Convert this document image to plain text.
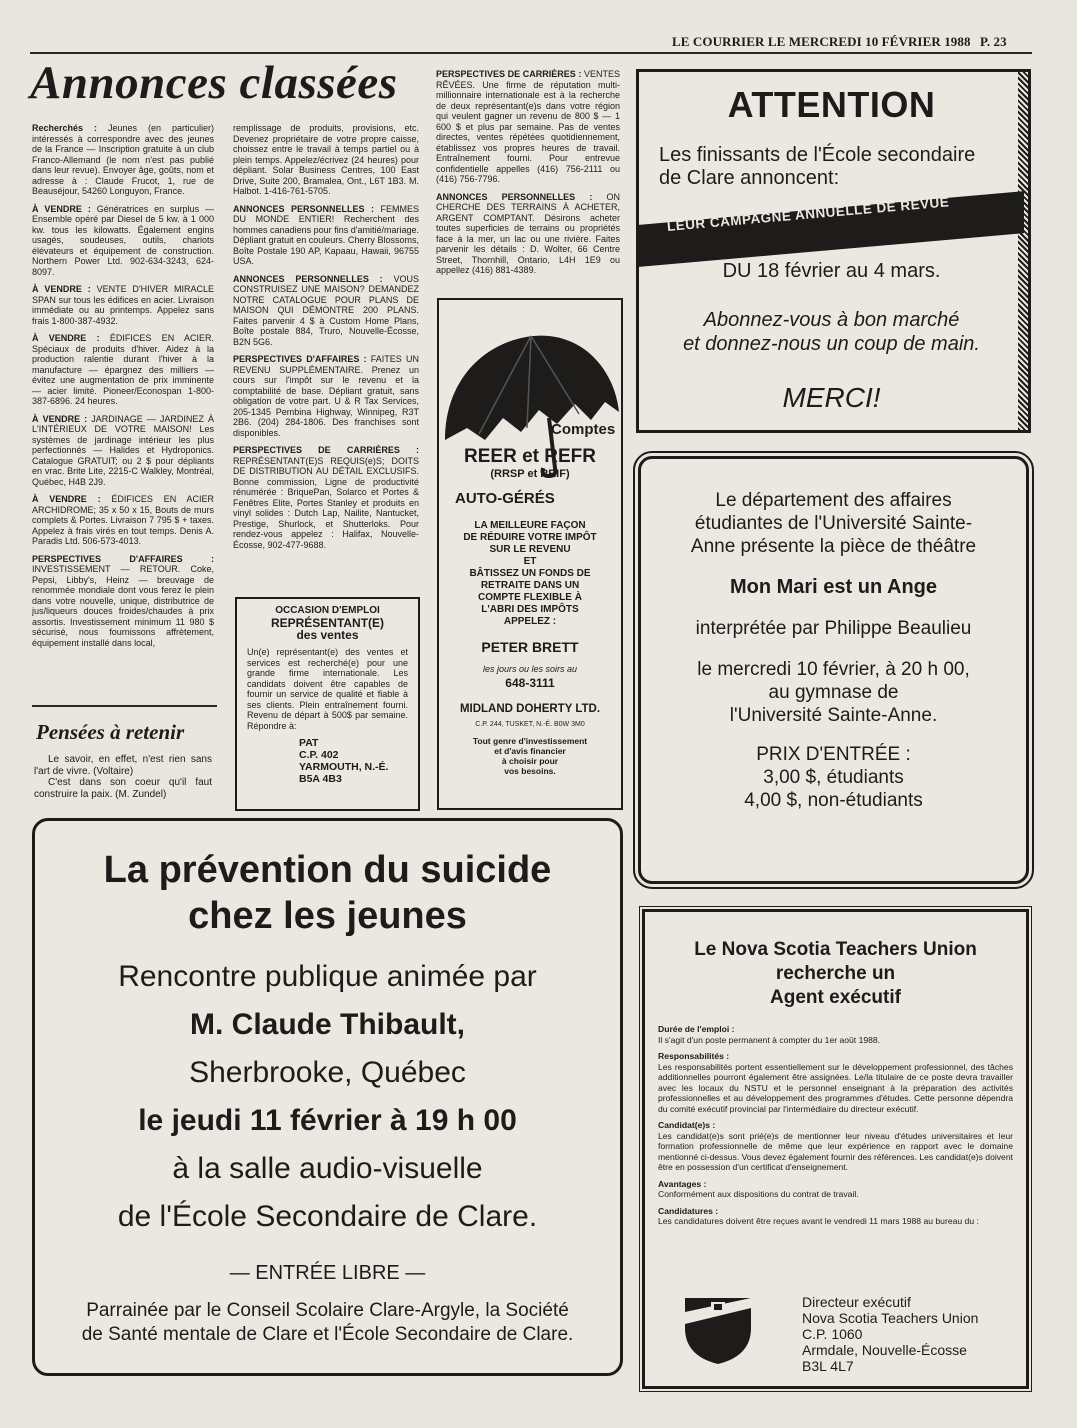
LE COURRIER LE MERCREDI 10 FÉVRIER 1988 P. 23
Annonces classées

Recherchés : Jeunes (en particulier) intéressés à correspondre avec des jeunes de la France — Inscription gratuite à un club Franco-Allemand (le nom n'est pas publié dans leur revue). Envoyer âge, goûts, nom et adresse à : Claude Frucot, 1, rue de Beauséjour, 54260 Longuyon, France.

À VENDRE : Génératrices en surplus — Ensemble opéré par Diesel de 5 kw. à 1 000 kw. tous les kilowatts. Également engins usagés, soudeuses, outils, chariots élévateurs et équipement de construction. Northern Power Ltd. 902-634-3243, 624-8097.

À VENDRE : VENTE D'HIVER MIRACLE SPAN sur tous les édifices en acier. Livraison immédiate ou au printemps. Appelez sans frais 1-800-387-4932.

À VENDRE : ÉDIFICES EN ACIER. Spéciaux de produits d'hiver. Aidez à la production ralentie durant l'hiver à la manufacture — épargnez des milliers — évitez une augmentation de prix imminente — acier limité. Pioneer/Econospan 1-800-387-6896. 24 heures.

À VENDRE : JARDINAGE — JARDINEZ À L'INTÉRIEUX DE VOTRE MAISON! Les systèmes de jardinage intérieur les plus perfectionnés — Halides et Hydroponics. Catalogue GRATUIT; ou 2 $ pour dépliants en vrac. Brite Lite, 2215-C Walkley, Montréal, Québec, H4B 2J9.

À VENDRE : ÉDIFICES EN ACIER ARCHIDROME; 35 x 50 x 15, Bouts de murs complets & Portes. Livraison 7 795 $ + taxes. Appelez à frais virés en tout temps. Denis A. Paradis Ltd. 506-573-4013.

PERSPECTIVES D'AFFAIRES : INVESTISSEMENT — RETOUR. Coke, Pepsi, Libby's, Heinz — breuvage de renommée mondiale dont vous ferez le plein dans votre nouvelle, unique, distributrice de jus/liqueurs douces froides/chaudes à prix assortis. Investissement minimum 11 980 $ sécurisé, nous fournissons affrètement, équipement installé dans local,

Pensées à retenir

Le savoir, en effet, n'est rien sans l'art de vivre. (Voltaire)

C'est dans son coeur qu'il faut construire la paix. (M. Zundel)

remplissage de produits, provisions, etc. Devenez propriétaire de votre propre caisse, choissez entre le travail à temps partiel ou à plein temps. Appelez/écrivez (24 heures) pour dépliant. Solar Business Centres, 100 East Drive, Suite 200, Bramalea, Ont., L6T 1B3. M. Halbot. 1-416-761-5705.

ANNONCES PERSONNELLES : FEMMES DU MONDE ENTIER! Recherchent des hommes canadiens pour fins d'amitié/mariage. Dépliant gratuit en couleurs. Cherry Blossoms, Boîte Postale 190 AP, Kapaau, Hawaii, 96755 USA.

ANNONCES PERSONNELLES : VOUS CONSTRUISEZ UNE MAISON? DEMANDEZ NOTRE CATALOGUE POUR PLANS DE MAISON QUI DÉMONTRE 200 PLANS. Faites parvenir 4 $ à Custom Home Plans, Boîte postale 884, Truro, Nouvelle-Écosse, B2N 5G6.

PERSPECTIVES D'AFFAIRES : FAITES UN REVENU SUPPLÉMENTAIRE. Prenez un cours sur l'impôt sur le revenu et la comptabilité de base. Dépliant gratuit, sans obligation de votre part. U & R Tax Services, 205-1345 Pembina Highway, Winnipeg, R3T 2B6. (204) 284-1806. Des franchises sont disponibles.

PERSPECTIVES DE CARRIÈRES : REPRÉSENTANT(E)S REQUIS(e)S; DOITS DE DISTRIBUTION AU DÉTAIL EXCLUSIFS. Bonne commission, Ligne de productivité rénumérée : BriquePan, Solarco et Portes & Fenêtres Elite, Portes Stanley et produits en vinyl solides : Dutch Lap, Nailite, Nantucket, Prestige, Shurlock, et Shutterloks. Pour rendez-vous appelez : Halifax, Nouvelle-Écosse, 902-477-9688.

OCCASION D'EMPLOI
REPRÉSENTANT(E)
des ventes

Un(e) représentant(e) des ventes et services est recherché(e) pour une grande firme internationale. Les candidats doivent être capables de fournir un service de qualité et fiable à ses clients. Plein entraînement fourni. Revenu de départ à 500$ par semaine. Répondre à:

PAT
C.P. 402
YARMOUTH, N.-É.
B5A 4B3

PERSPECTIVES DE CARRIÈRES : VENTES RÊVÉES. Une firme de réputation multi-millionnaire internationale est à la recherche de deux représentant(e)s dans votre région qui veulent gagner un revenu de 800 $ — 1 600 $ et plus par semaine. Pas de ventes directes, ventes répétées quotidiennement, établissez vos propres heures de travail. Entraînement fourni. Pour entrevue confidentielle appelles (416) 756-2111 ou (416) 756-7796.

ANNONCES PERSONNELLES : ON CHERCHE DES TERRAINS À ACHETER, ARGENT COMPTANT. Désirons acheter toutes superficies de terrains ou propriétés face à la mer, un lac ou une rivière. Faites parvenir les détails : D. Wolter, 66 Centre Street, Thornhill, Ontario, L4H 1E9 ou appellez (416) 881-4389.

Comptes
REER et REFR
(RRSP et RRIF)
AUTO-GÉRÉS
LA MEILLEURE FAÇON
DE RÉDUIRE VOTRE IMPÔT
SUR LE REVENU
ET
BÂTISSEZ UN FONDS DE
RETRAITE DANS UN
COMPTE FLEXIBLE À
L'ABRI DES IMPÔTS
APPELEZ :
PETER BRETT
les jours ou les soirs au
648-3111
MIDLAND DOHERTY LTD.
C.P. 244, TUSKET, N.-É. B0W 3M0
Tout genre d'investissement
et d'avis financier
à choisir pour
vos besoins.
ATTENTION
Les finissants de l'École secondaire
de Clare annoncent:
LEUR CAMPAGNE ANNUELLE DE REVUE
DU 18 février au 4 mars.
Abonnez-vous à bon marché
et donnez-nous un coup de main.
MERCI!
Le département des affaires
étudiantes de l'Université Sainte-
Anne présente la pièce de théâtre
Mon Mari est un Ange
interprétée par Philippe Beaulieu
le mercredi 10 février, à 20 h 00,
au gymnase de
l'Université Sainte-Anne.
PRIX D'ENTRÉE :
3,00 $, étudiants
4,00 $, non-étudiants
La prévention du suicide
chez les jeunes
Rencontre publique animée par
M. Claude Thibault,
Sherbrooke, Québec
le jeudi 11 février à 19 h 00
à la salle audio-visuelle
de l'École Secondaire de Clare.
— ENTRÉE LIBRE —
Parrainée par le Conseil Scolaire Clare-Argyle, la Société
de Santé mentale de Clare et l'École Secondaire de Clare.
Le Nova Scotia Teachers Union
recherche un
Agent exécutif

Durée de l'emploi :
Il s'agit d'un poste permanent à compter du 1er août 1988.

Responsabilités :
Les responsabilités portent essentiellement sur le développement professionnel, des tâches additionnelles pourront également être assignées. Le/la titulaire de ce poste devra travailler avec les locaux du NSTU et le personnel enseignant à la préparation des activités professionnelles et au développement des programmes d'études. Cette personne dépendra du comité exécutif provincial par l'intermédiaire du directeur exécutif.

Candidat(e)s :
Les candidat(e)s sont prié(e)s de mentionner leur niveau d'études universitaires et leur formation professionnelle de même que leur expérience en rapport avec le domaine mentionné ci-dessus. Vous devez également fournir des références. Les candidat(e)s doivent être en possession d'un certificat d'enseignement.

Avantages :
Conformément aux dispositions du contrat de travail.

Candidatures :
Les candidatures doivent être reçues avant le vendredi 11 mars 1988 au bureau du :

Directeur exécutif
Nova Scotia Teachers Union
C.P. 1060
Armdale, Nouvelle-Écosse
B3L 4L7
